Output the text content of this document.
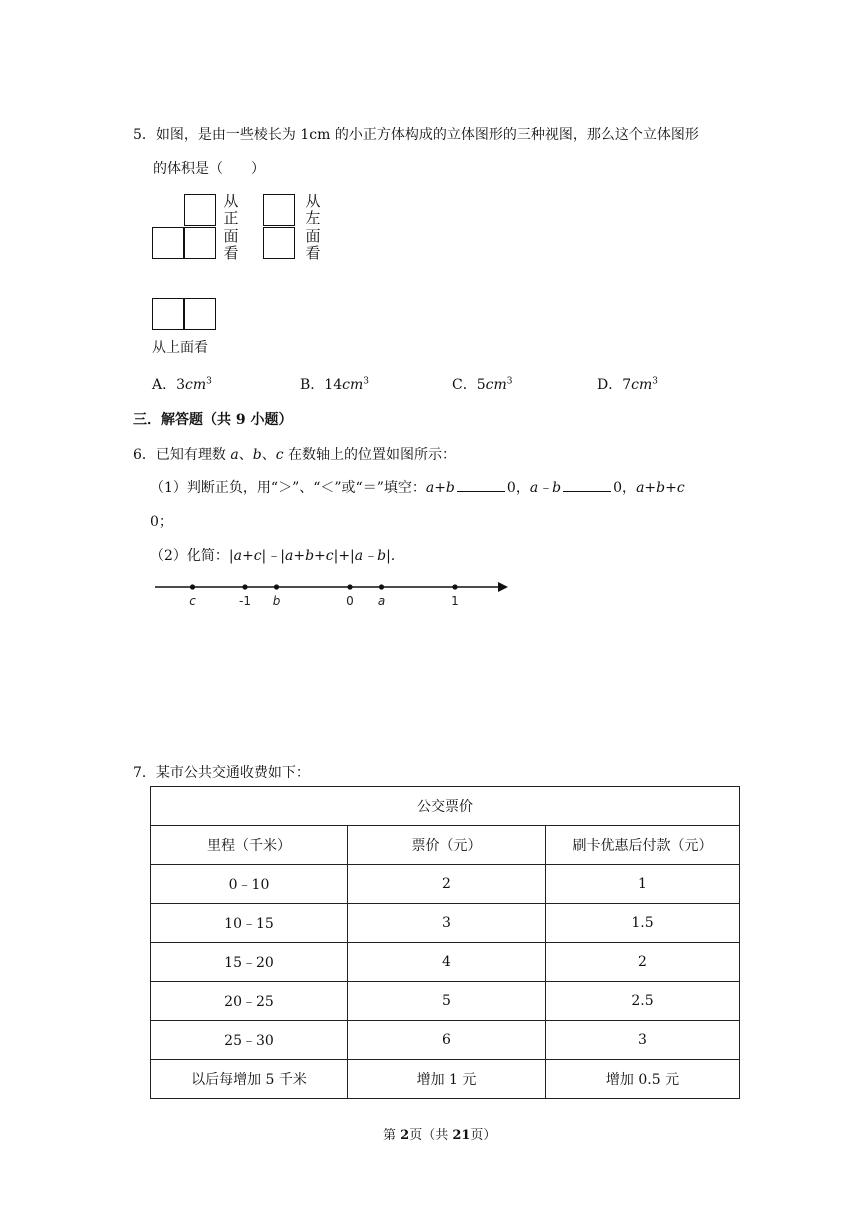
5．如图，是由一些棱长为 1cm 的小正方体构成的立体图形的三种视图，那么这个立体图形
的体积是（　　）
从
正
面
看
从
左
面
看
从上面看
A．$3cm^3$	B．$14cm^3$	C．$5cm^3$	D．$7cm^3$
三．解答题（共 9 小题）
6．已知有理数 a、b、c 在数轴上的位置如图所示：
（1）判断正负，用“＞”、“＜”或“＝”填空：a+b	0，a﹣b	0，a+b+c
0；
（2）化简：|a+c|﹣|a+b+c|+|a﹣b|.
c	-1 b	0 a	1
7．某市公共交通收费如下：
公交票价		
里程（千米）	票价（元）	刷卡优惠后付款（元）
0﹣10	2	1
10﹣15	3	1.5
15﹣20	4	2
20﹣25	5	2.5
25﹣30	6	3
以后每增加 5 千米	增加 1 元	增加 0.5 元
第 2页（共 21页）
